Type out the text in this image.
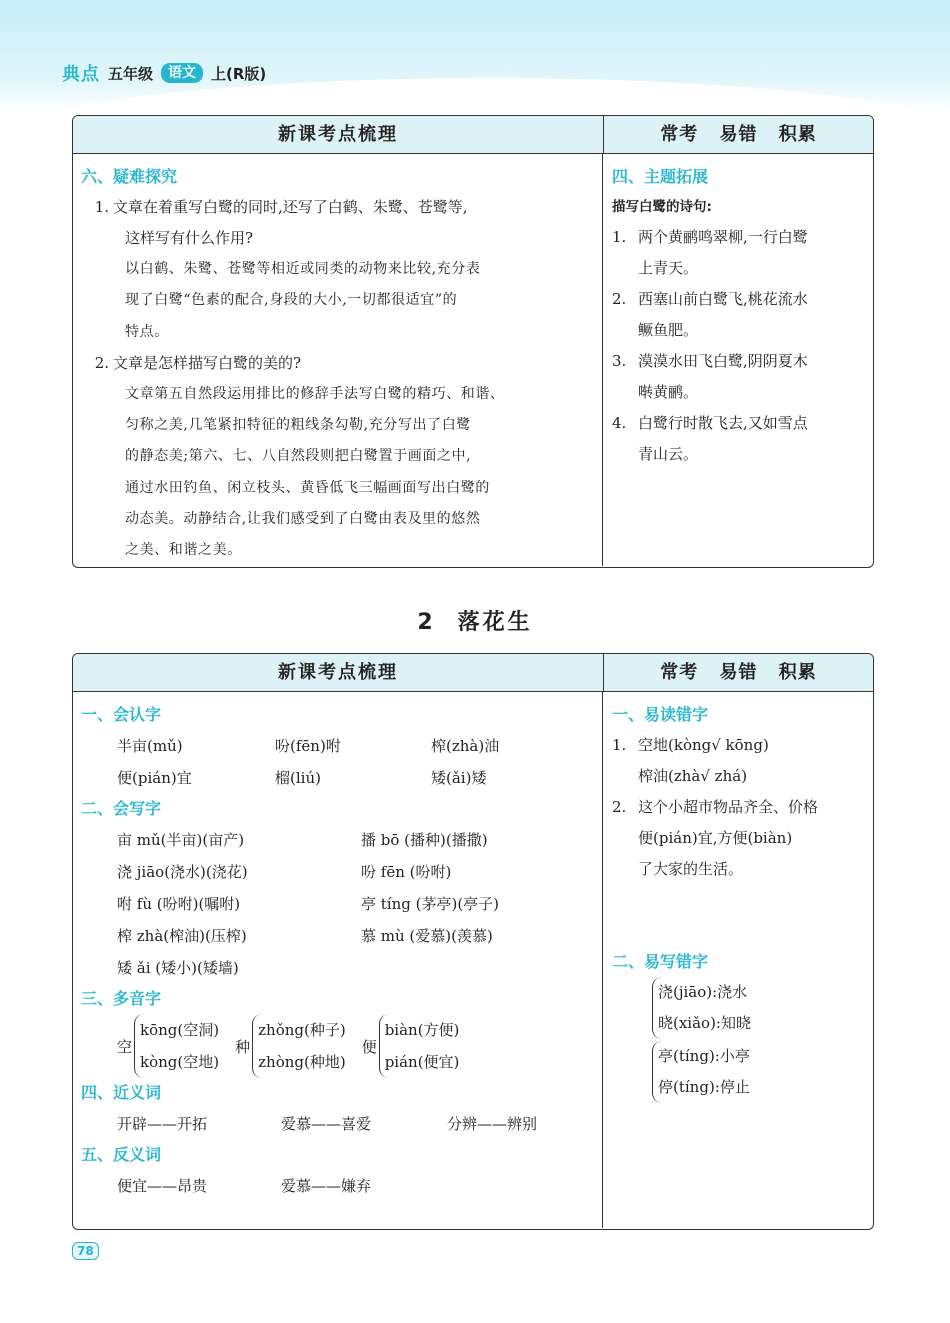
典点 五年级	语文	上(R版)
新课考点梳理	常考 易错 积累
六、疑难探究
1. 文章在着重写白鹭的同时,还写了白鹤、朱鹭、苍鹭等,
这样写有什么作用?
以白鹤、朱鹭、苍鹭等相近或同类的动物来比较,充分表
现了白鹭“色素的配合,身段的大小,一切都很适宜”的
特点。
2. 文章是怎样描写白鹭的美的?
文章第五自然段运用排比的修辞手法写白鹭的精巧、和谐、
匀称之美,几笔紧扣特征的粗线条勾勒,充分写出了白鹭
的静态美;第六、七、八自然段则把白鹭置于画面之中,
通过水田钓鱼、闲立枝头、黄昏低飞三幅画面写出白鹭的
动态美。动静结合,让我们感受到了白鹭由表及里的悠然
之美、和谐之美。
四、主题拓展
描写白鹭的诗句:
1. 两个黄鹂鸣翠柳,一行白鹭
上青天。
2. 西塞山前白鹭飞,桃花流水
鳜鱼肥。
3. 漠漠水田飞白鹭,阴阴夏木
啭黄鹂。
4. 白鹭行时散飞去,又如雪点
青山云。
2 落花生
新课考点梳理	常考 易错 积累
一、会认字
半亩(mǔ)	吩(fēn)咐	榨(zhà)油
便(pián)宜	榴(liú)	矮(ǎi)矮
二、会写字
亩 mǔ(半亩)(亩产)	播 bō (播种)(播撒)
浇 jiāo(浇水)(浇花)	吩 fēn (吩咐)
咐 fù (吩咐)(嘱咐)	亭 tíng (茅亭)(亭子)
榨 zhà(榨油)(压榨)	慕 mù (爱慕)(羡慕)
矮 ǎi (矮小)(矮墙)
三、多音字
空
kōng(空洞)
kòng(空地)
种
zhǒng(种子)
zhòng(种地)
便
biàn(方便)
pián(便宜)
四、近义词
开辟——开拓	爱慕——喜爱	分辨——辨别
五、反义词
便宜——昂贵	爱慕——嫌弃
一、易读错字
1. 空地(kòng√ kōng)
榨油(zhà√ zhá)
2. 这个小超市物品齐全、价格
便(pián)宜,方便(biàn)
了大家的生活。
二、易写错字
浇(jiāo):浇水
晓(xiǎo):知晓
亭(tíng):小亭
停(tíng):停止
78
